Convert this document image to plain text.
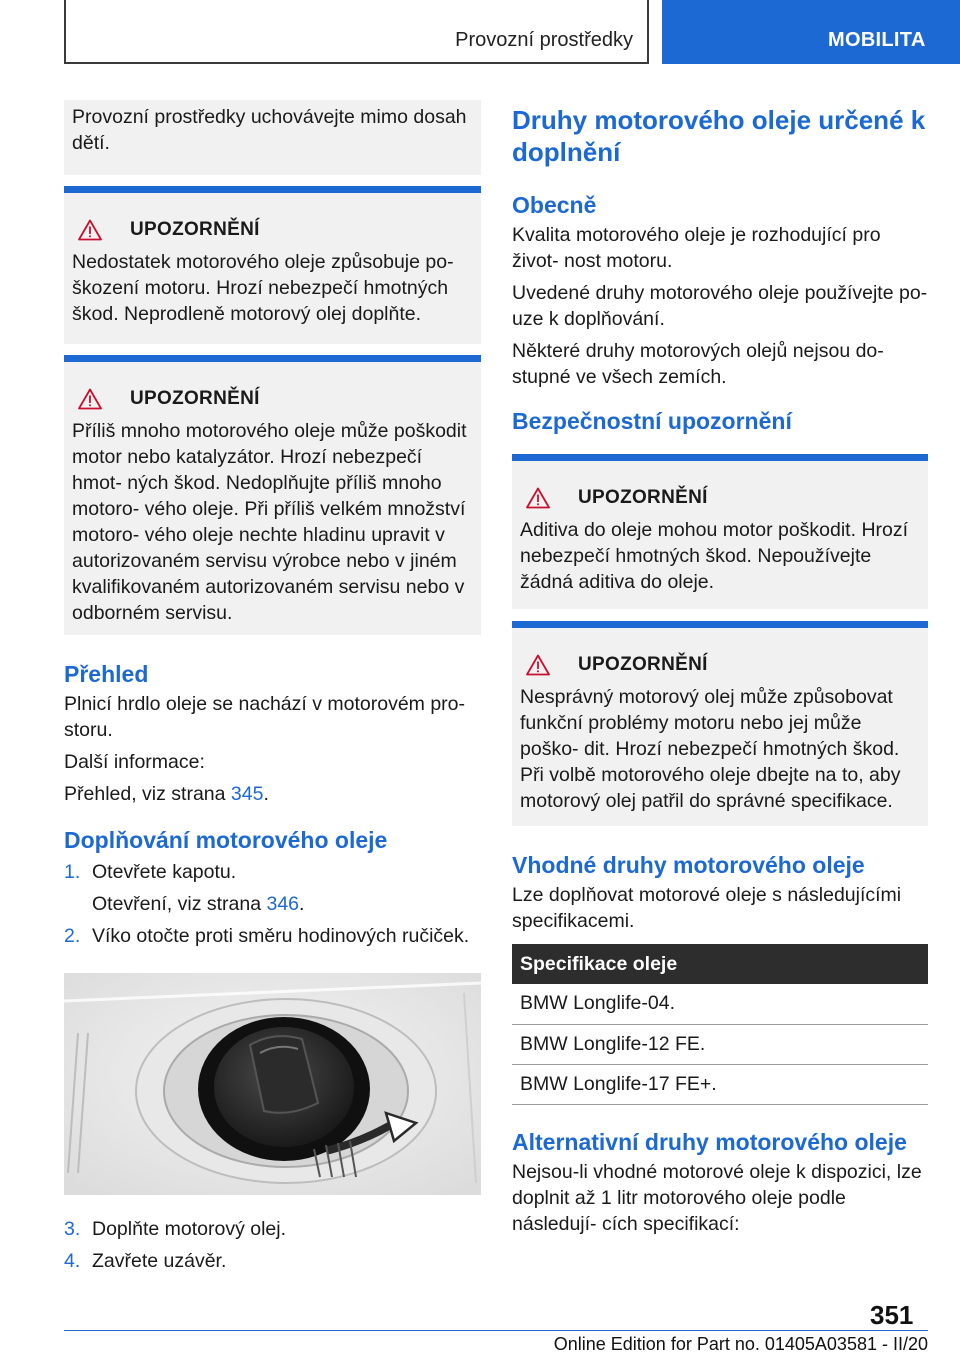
Provozní prostředky	MOBILITA

Provozní prostředky uchovávejte mimo dosah dětí.

UPOZORNĚNÍ

Nedostatek motorového oleje způsobuje po- škození motoru. Hrozí nebezpečí hmotných škod. Neprodleně motorový olej doplňte.

UPOZORNĚNÍ

Příliš mnoho motorového oleje může poškodit motor nebo katalyzátor. Hrozí nebezpečí hmot- ných škod. Nedoplňujte příliš mnoho motoro- vého oleje. Při příliš velkém množství motoro- vého oleje nechte hladinu upravit v autorizovaném servisu výrobce nebo v jiném kvalifikovaném autorizovaném servisu nebo v odborném servisu.

Přehled

Plnicí hrdlo oleje se nachází v motorovém pro- storu.

Další informace:

Přehled, viz strana 345.

Doplňování motorového oleje
1. Otevřete kapotu.

Otevření, viz strana 346.

2. Víko otočte proti směru hodinových ručiček.
3. Doplňte motorový olej.
4. Zavřete uzávěr.
Druhy motorového oleje určené k doplnění
Obecně

Kvalita motorového oleje je rozhodující pro život- nost motoru.

Uvedené druhy motorového oleje používejte po- uze k doplňování.

Některé druhy motorových olejů nejsou do- stupné ve všech zemích.

Bezpečnostní upozornění
UPOZORNĚNÍ

Aditiva do oleje mohou motor poškodit. Hrozí nebezpečí hmotných škod. Nepoužívejte žádná aditiva do oleje.

UPOZORNĚNÍ

Nesprávný motorový olej může způsobovat funkční problémy motoru nebo jej může poško- dit. Hrozí nebezpečí hmotných škod. Při volbě motorového oleje dbejte na to, aby motorový olej patřil do správné specifikace.

Vhodné druhy motorového oleje

Lze doplňovat motorové oleje s následujícími specifikacemi.

Specifikace oleje
BMW Longlife-04.
BMW Longlife-12 FE.
BMW Longlife-17 FE+.
Alternativní druhy motorového oleje

Nejsou-li vhodné motorové oleje k dispozici, lze doplnit až 1 litr motorového oleje podle následují- cích specifikací:

351
Online Edition for Part no. 01405A03581 - II/20
